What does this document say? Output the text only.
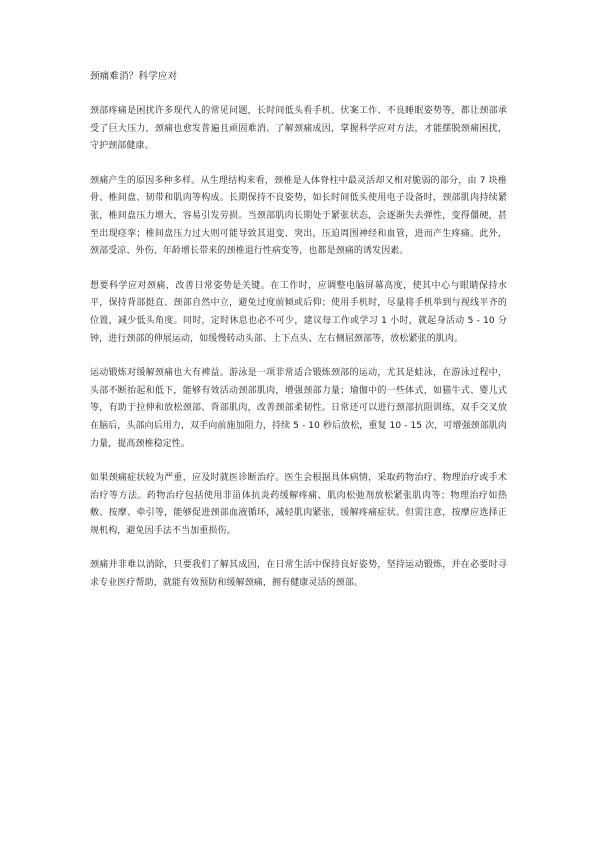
颈痛难消？科学应对

颈部疼痛是困扰许多现代人的常见问题，长时间低头看手机、伏案工作、不良睡眠姿势等，都让颈部承受了巨大压力，颈痛也愈发普遍且顽固难消。了解颈痛成因，掌握科学应对方法，才能摆脱颈痛困扰，守护颈部健康。

颈痛产生的原因多种多样。从生理结构来看，颈椎是人体脊柱中最灵活却又相对脆弱的部分，由 7 块椎骨、椎间盘、韧带和肌肉等构成。长期保持不良姿势，如长时间低头使用电子设备时，颈部肌肉持续紧张，椎间盘压力增大，容易引发劳损。当颈部肌肉长期处于紧张状态，会逐渐失去弹性，变得僵硬，甚至出现痉挛；椎间盘压力过大则可能导致其退变、突出，压迫周围神经和血管，进而产生疼痛。此外，颈部受凉、外伤、年龄增长带来的颈椎退行性病变等，也都是颈痛的诱发因素。

想要科学应对颈痛，改善日常姿势是关键。在工作时，应调整电脑屏幕高度，使其中心与眼睛保持水平，保持背部挺直、颈部自然中立，避免过度前倾或后仰；使用手机时，尽量将手机举到与视线平齐的位置，减少低头角度。同时，定时休息也必不可少，建议每工作或学习 1 小时，就起身活动 5 - 10 分钟，进行颈部的伸展运动，如缓慢转动头部、上下点头、左右侧屈颈部等，放松紧张的肌肉。

运动锻炼对缓解颈痛也大有裨益。游泳是一项非常适合锻炼颈部的运动，尤其是蛙泳，在游泳过程中，头部不断抬起和低下，能够有效活动颈部肌肉，增强颈部力量；瑜伽中的一些体式，如猫牛式、婴儿式等，有助于拉伸和放松颈部、背部肌肉，改善颈部柔韧性。日常还可以进行颈部抗阻训练，双手交叉放在脑后，头部向后用力，双手向前施加阻力，持续 5 - 10 秒后放松，重复 10 - 15 次，可增强颈部肌肉力量，提高颈椎稳定性。

如果颈痛症状较为严重，应及时就医诊断治疗。医生会根据具体病情，采取药物治疗、物理治疗或手术治疗等方法。药物治疗包括使用非甾体抗炎药缓解疼痛、肌肉松弛剂放松紧张肌肉等；物理治疗如热敷、按摩、牵引等，能够促进颈部血液循环，减轻肌肉紧张，缓解疼痛症状。但需注意，按摩应选择正规机构，避免因手法不当加重损伤。

颈痛并非难以消除，只要我们了解其成因，在日常生活中保持良好姿势，坚持运动锻炼，并在必要时寻求专业医疗帮助，就能有效预防和缓解颈痛，拥有健康灵活的颈部。
